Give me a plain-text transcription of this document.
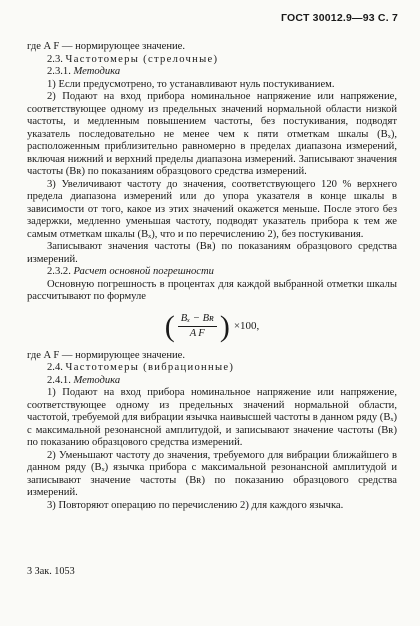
ГОСТ 30012.9—93 С. 7

где A F — нормирующее значение.

2.3. Частотомеры (стрелочные)

2.3.1. Методика

1) Если предусмотрено, то устанавливают нуль постукиванием.

2) Подают на вход прибора номинальное напряжение или напряжение, соответствующее одному из предельных значений нормальной области низкой частоты, и медленным повышением частоты, без постукивания, подводят указатель последовательно не менее чем к пяти отметкам шкалы (Bₓ), расположенным приблизительно равномерно в пределах диапазона измерений, включая нижний и верхний пределы диапазона измерений. Записывают значения частоты (Bʀ) по показаниям образцового средства измерений.

3) Увеличивают частоту до значения, соответствующего 120 % верхнего предела диапазона измерений или до упора указателя в конце шкалы в зависимости от того, какое из этих значений окажется меньше. После этого без задержки, медленно уменьшая частоту, подводят указатель прибора к тем же самым отметкам шкалы (Bₓ), что и по перечислению 2), без постукивания.

Записывают значения частоты (Bʀ) по показаниям образцового средства измерений.

2.3.2. Расчет основной погрешности

Основную погрешность в процентах для каждой выбранной отметки шкалы рассчитывают по формуле

( $\frac{\text{Bₓ − Bʀ}}{\text{A F}}$ ) ×100,

где A F — нормирующее значение.

2.4. Частотомеры (вибрационные)

2.4.1. Методика

1) Подают на вход прибора номинальное напряжение или напряжение, соответствующее одному из предельных значений нормальной области, частотой, требуемой для вибрации язычка наивысшей частоты в данном ряду (Bₓ) с максимальной резонансной амплитудой, и записывают значение частоты (Bʀ) по показанию образцового средства измерений.

2) Уменьшают частоту до значения, требуемого для вибрации ближайшего в данном ряду (Bₓ) язычка прибора с максимальной резонансной амплитудой и записывают значение частоты (Bʀ) по показанию образцового средства измерений.

3) Повторяют операцию по перечислению 2) для каждого язычка.

3 Зак. 1053
